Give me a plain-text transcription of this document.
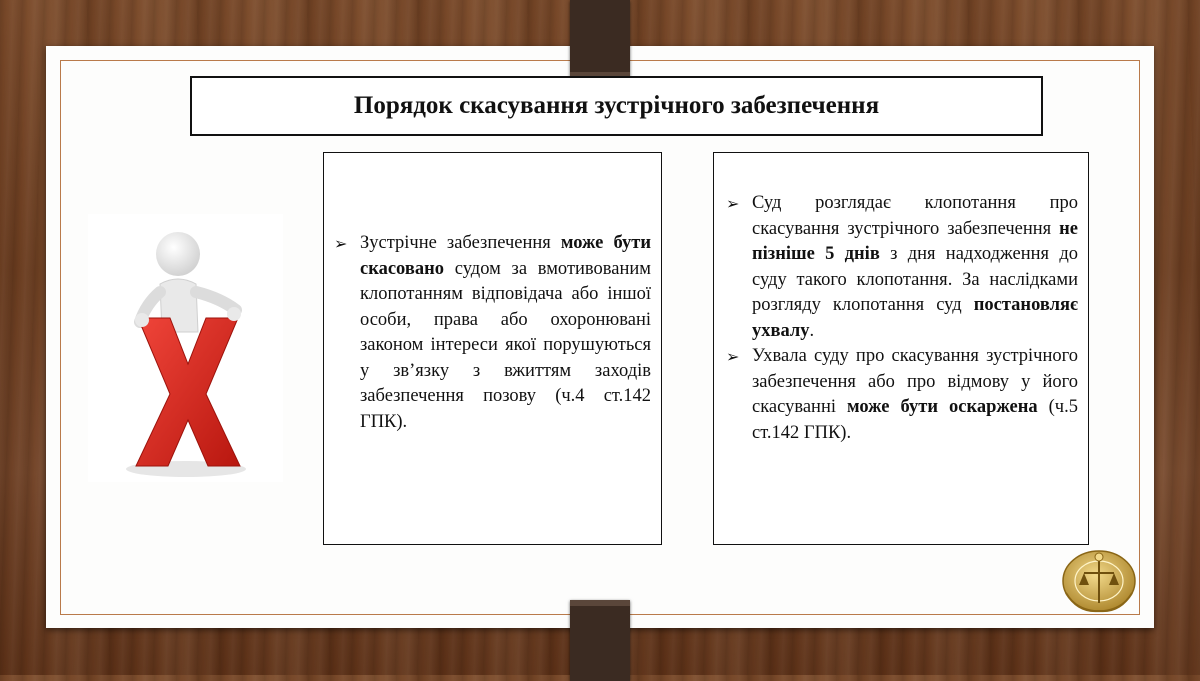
Порядок скасування зустрічного забезпечення

➢ Зустрічне забезпечення може бути скасовано судом за вмотивованим клопотанням відповідача або іншої особи, права або охоронювані законом інтереси якої порушуються у зв’язку з вжиттям заходів забезпечення позову (ч.4 ст.142 ГПК).

➢ Суд розглядає клопотання про скасування зустрічного забезпечення не пізніше 5 днів з дня надходження до суду такого клопотання. За наслідками розгляду клопотання суд постановляє ухвалу.

➢ Ухвала суду про скасування зустрічного забезпечення або про відмову у його скасуванні може бути оскаржена (ч.5 ст.142 ГПК).
